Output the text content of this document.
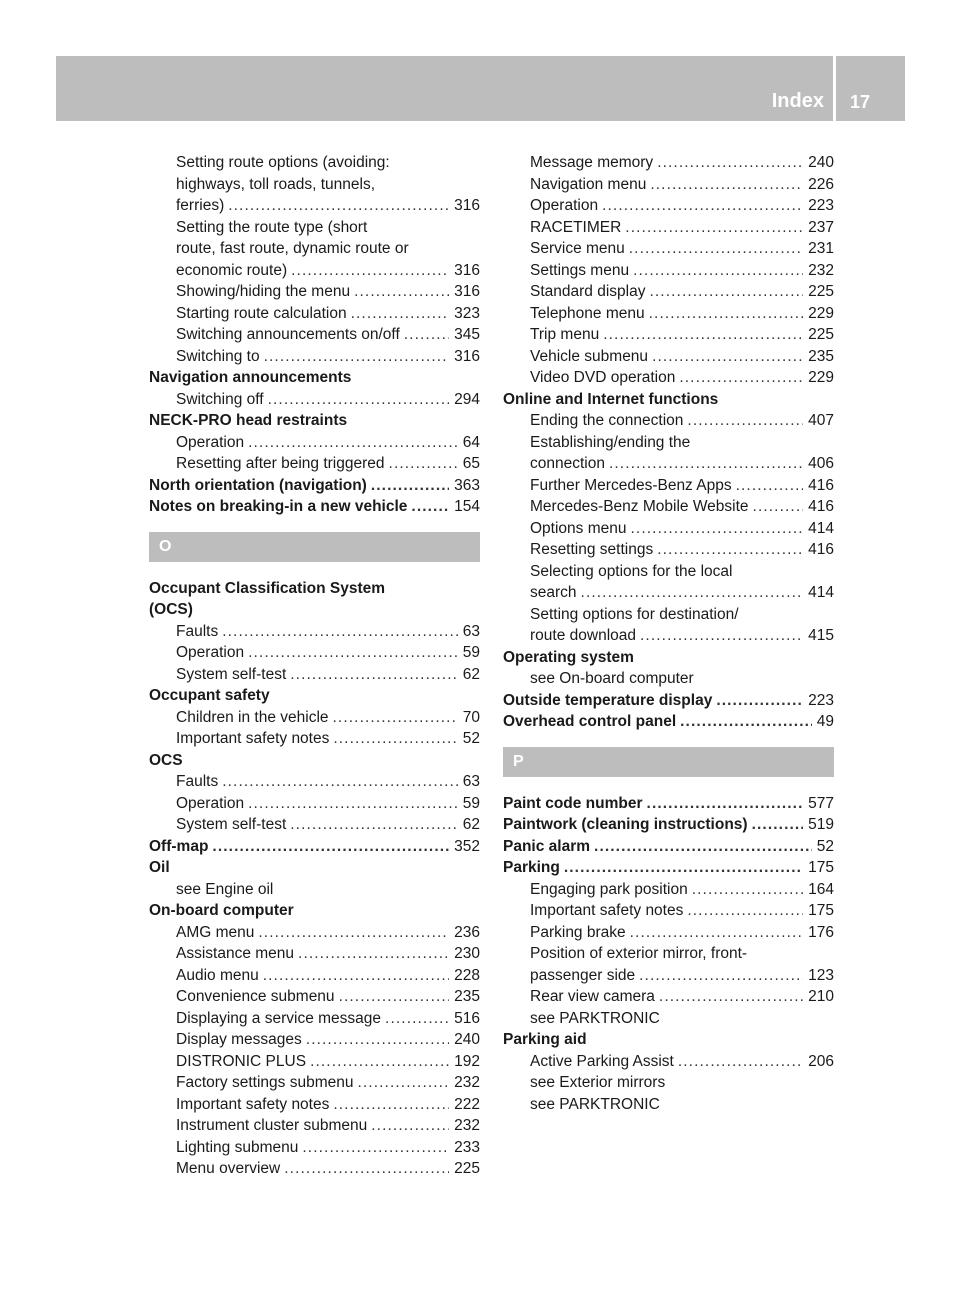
Index 17
Setting route options (avoiding:
highways, toll roads, tunnels,
ferries) . . .	316
Setting the route type (short
route, fast route, dynamic route or
economic route) . . .	316
Showing/hiding the menu . . .	316
Starting route calculation . . .	323
Switching announcements on/off . . .	345
Switching to . . .	316
Navigation announcements
Switching off . . .	294
NECK-PRO head restraints
Operation . . .	64
Resetting after being triggered . . .	65
North orientation (navigation) . . .	363
Notes on breaking-in a new vehicle . . .	154
O
Occupant Classification System
(OCS)
Faults . . .	63
Operation . . .	59
System self-test . . .	62
Occupant safety
Children in the vehicle . . .	70
Important safety notes . . .	52
OCS
Faults . . .	63
Operation . . .	59
System self-test . . .	62
Off-map . . .	352
Oil
see Engine oil
On-board computer
AMG menu . . .	236
Assistance menu . . .	230
Audio menu . . .	228
Convenience submenu . . .	235
Displaying a service message . . .	516
Display messages . . .	240
DISTRONIC PLUS . . .	192
Factory settings submenu . . .	232
Important safety notes . . .	222
Instrument cluster submenu . . .	232
Lighting submenu . . .	233
Menu overview . . .	225
Message memory . . .	240
Navigation menu . . .	226
Operation . . .	223
RACETIMER . . .	237
Service menu . . .	231
Settings menu . . .	232
Standard display . . .	225
Telephone menu . . .	229
Trip menu . . .	225
Vehicle submenu . . .	235
Video DVD operation . . .	229
Online and Internet functions
Ending the connection . . .	407
Establishing/ending the
connection . . .	406
Further Mercedes-Benz Apps . . .	416
Mercedes-Benz Mobile Website . . .	416
Options menu . . .	414
Resetting settings . . .	416
Selecting options for the local
search . . .	414
Setting options for destination/
route download . . .	415
Operating system
see On-board computer
Outside temperature display . . .	223
Overhead control panel . . .	49
P
Paint code number . . .	577
Paintwork (cleaning instructions) . . .	519
Panic alarm . . .	52
Parking . . .	175
Engaging park position . . .	164
Important safety notes . . .	175
Parking brake . . .	176
Position of exterior mirror, front-
passenger side . . .	123
Rear view camera . . .	210
see PARKTRONIC
Parking aid
Active Parking Assist . . .	206
see Exterior mirrors
see PARKTRONIC
